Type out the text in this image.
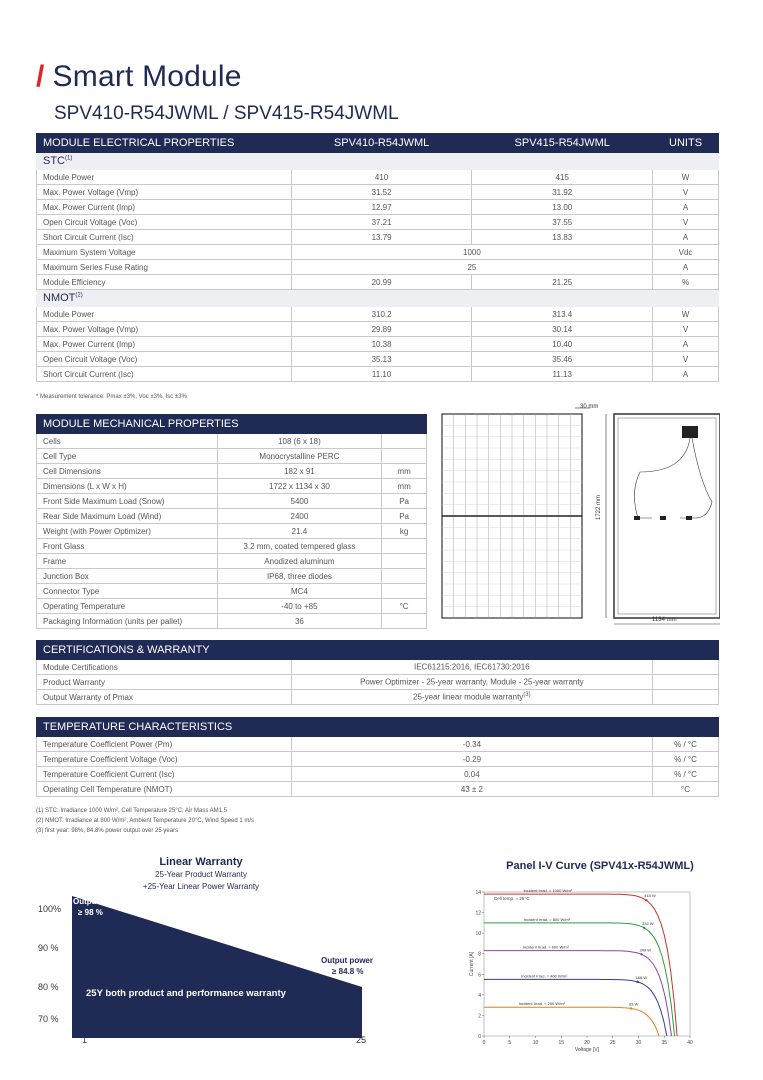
/ Smart Module
SPV410-R54JWML / SPV415-R54JWML
MODULE ELECTRICAL PROPERTIES	SPV410-R54JWML	SPV415-R54JWML	UNITS
STC$^{(1)}$
Module Power	410	415	W
Max. Power Voltage (Vmp)	31.52	31.92	V
Max. Power Current (Imp)	12.97	13.00	A
Open Circuit Voltage (Voc)	37.21	37.55	V
Short Circuit Current (Isc)	13.79	13.83	A
Maximum System Voltage	1000		Vdc
Maximum Series Fuse Rating	25		A
Module Efficiency	20.99	21.25	%
NMOT$^{(2)}$
Module Power	310.2	313.4	W
Max. Power Voltage (Vmp)	29.89	30.14	V
Max. Power Current (Imp)	10.38	10.40	A
Open Circuit Voltage (Voc)	35.13	35.46	V
Short Circuit Current (Isc)	11.10	11.13	A
* Measurement tolerance: Pmax ±3%, Voc ±3%, Isc ±3%
MODULE MECHANICAL PROPERTIES		
Cells	108 (6 x 18)	
Cell Type	Monocrystalline PERC	
Cell Dimensions	182 x 91	mm
Dimensions (L x W x H)	1722 x 1134 x 30	mm
Front Side Maximum Load (Snow)	5400	Pa
Rear Side Maximum Load (Wind)	2400	Pa
Weight (with Power Optimizer)	21.4	kg
Front Glass	3.2 mm, coated tempered glass	
Frame	Anodized aluminum	
Junction Box	IP68, three diodes	
Connector Type	MC4	
Operating Temperature	-40 to +85	°C
Packaging Information (units per pallet)	36	
30 mm
1722 mm
1134 mm
CERTIFICATIONS & WARRANTY		
Module Certifications	IEC61215:2016, IEC61730:2016	
Product Warranty	Power Optimizer - 25-year warranty, Module - 25-year warranty	
Output Warranty of Pmax	25-year linear module warranty$^{(3)}$	
TEMPERATURE CHARACTERISTICS		
Temperature Coefficient Power (Pm)	-0.34	% / °C
Temperature Coefficient Voltage (Voc)	-0.29	% / °C
Temperature Coefficient Current (Isc)	0.04	% / °C
Operating Cell Temperature (NMOT)	43 ± 2	°C
(1) STC: Irradiance 1000 W/m², Cell Temperature 25°C, Air Mass AM1.5
(2) NMOT: Irradiance at 800 W/m², Ambient Temperature 20°C, Wind Speed 1 m/s
(3) first year: 98%, 84.8% power output over 25 years
Linear Warranty
25-Year Product Warranty
+25-Year Linear Power Warranty
100%
90 %
80 %
70 %
Output power
≥ 98 %
Output power
≥ 84.8 %
25Y both product and performance warranty
1	25
Panel I-V Curve (SPV41x-R54JWML)
0	5	10	15	20	25	30	35	40
0
2
4
6
8
10
12
14
Voltage [V]
Current [A]
Cell temp. = 25°C
Incident Irrad. = 1000 W/m²
415 W
Incident Irrad. = 800 W/m²
332 W
Incident Irrad. = 600 W/m²
249 W
Incident Irrad. = 400 W/m²	166 W
Incident Irrad. = 200 W/m²	83 W
